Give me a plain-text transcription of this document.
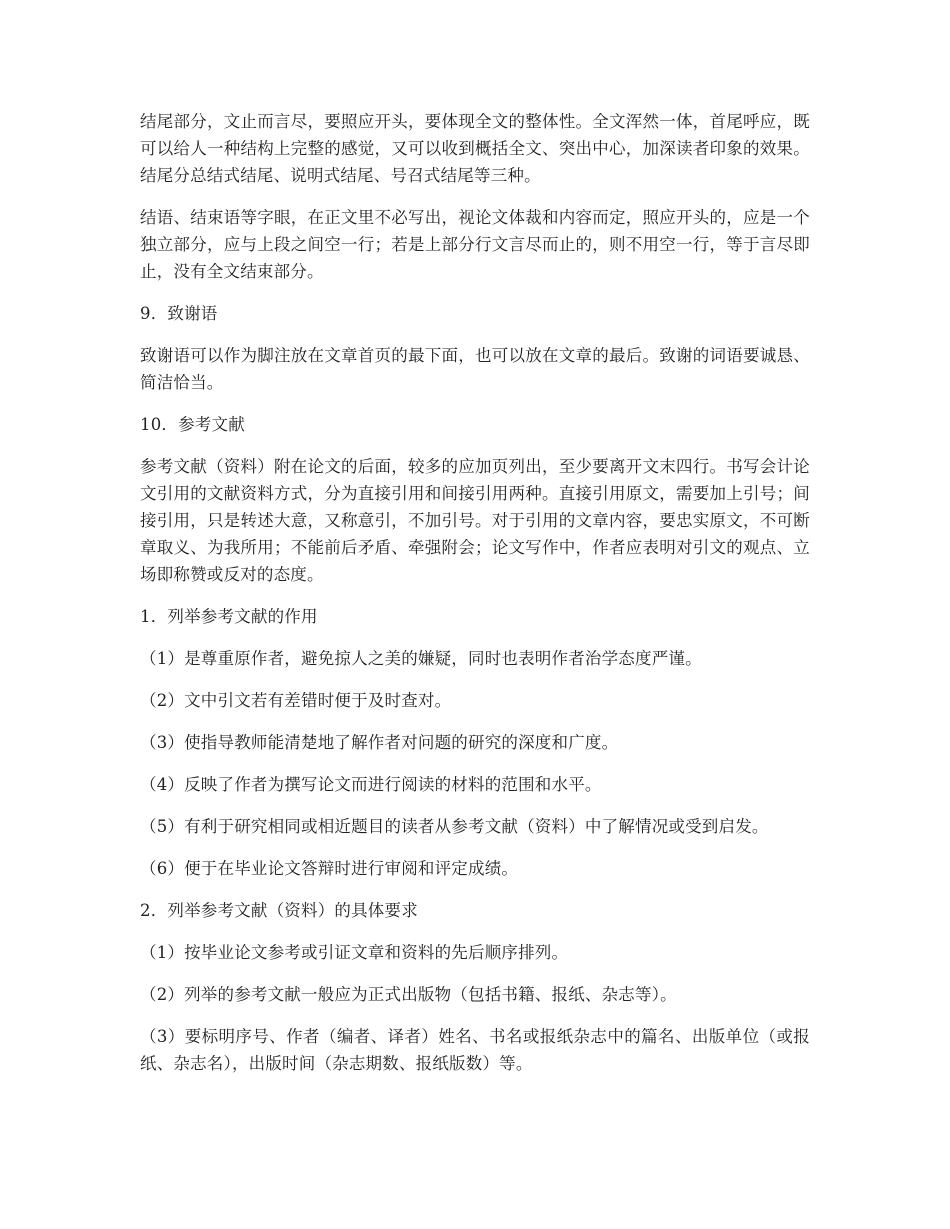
结尾部分，文止而言尽，要照应开头，要体现全文的整体性。全文浑然一体，首尾呼应，既可以给人一种结构上完整的感觉，又可以收到概括全文、突出中心，加深读者印象的效果。结尾分总结式结尾、说明式结尾、号召式结尾等三种。

结语、结束语等字眼，在正文里不必写出，视论文体裁和内容而定，照应开头的，应是一个独立部分，应与上段之间空一行；若是上部分行文言尽而止的，则不用空一行，等于言尽即止，没有全文结束部分。

9．致谢语

致谢语可以作为脚注放在文章首页的最下面，也可以放在文章的最后。致谢的词语要诚恳、简洁恰当。

10．参考文献

参考文献（资料）附在论文的后面，较多的应加页列出，至少要离开文末四行。书写会计论文引用的文献资料方式，分为直接引用和间接引用两种。直接引用原文，需要加上引号；间接引用，只是转述大意，又称意引，不加引号。对于引用的文章内容，要忠实原文，不可断章取义、为我所用；不能前后矛盾、牵强附会；论文写作中，作者应表明对引文的观点、立场即称赞或反对的态度。

1．列举参考文献的作用

（1）是尊重原作者，避免掠人之美的嫌疑，同时也表明作者治学态度严谨。

（2）文中引文若有差错时便于及时查对。

（3）使指导教师能清楚地了解作者对问题的研究的深度和广度。

（4）反映了作者为撰写论文而进行阅读的材料的范围和水平。

（5）有利于研究相同或相近题目的读者从参考文献（资料）中了解情况或受到启发。

（6）便于在毕业论文答辩时进行审阅和评定成绩。

2．列举参考文献（资料）的具体要求

（1）按毕业论文参考或引证文章和资料的先后顺序排列。

（2）列举的参考文献一般应为正式出版物（包括书籍、报纸、杂志等）。

（3）要标明序号、作者（编者、译者）姓名、书名或报纸杂志中的篇名、出版单位（或报纸、杂志名），出版时间（杂志期数、报纸版数）等。
